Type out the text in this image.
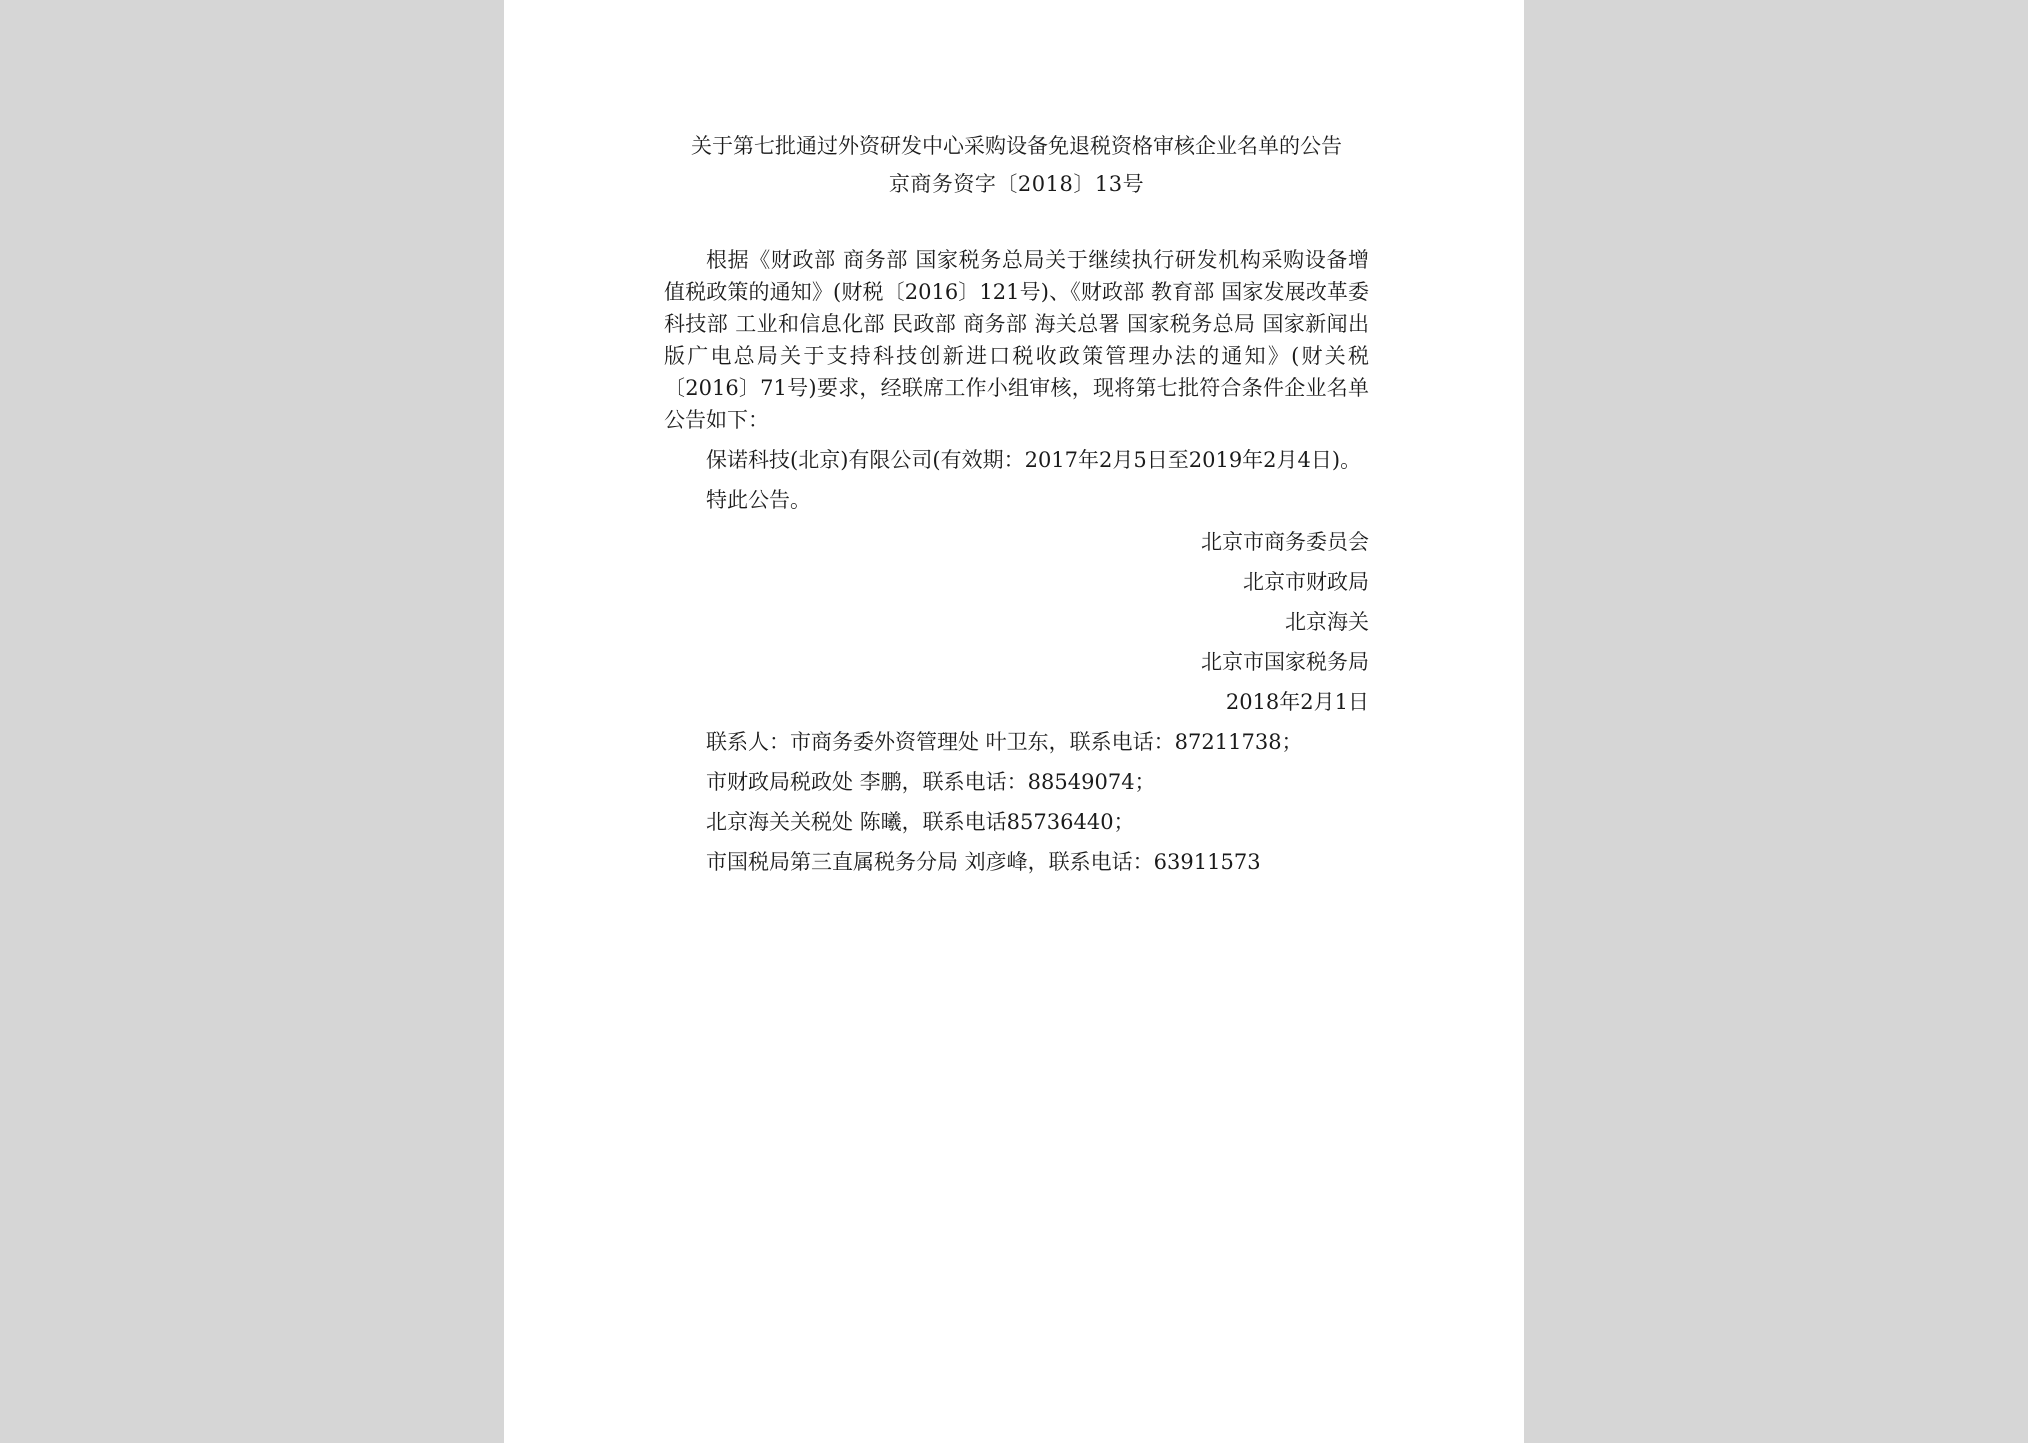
关于第七批通过外资研发中心采购设备免退税资格审核企业名单的公告
京商务资字〔2018〕13号

根据《财政部 商务部 国家税务总局关于继续执行研发机构采购设备增值税政策的通知》(财税〔2016〕121号)、《财政部 教育部 国家发展改革委 科技部 工业和信息化部 民政部 商务部 海关总署 国家税务总局 国家新闻出版广电总局关于支持科技创新进口税收政策管理办法的通知》(财关税〔2016〕71号)要求，经联席工作小组审核，现将第七批符合条件企业名单公告如下：

保诺科技(北京)有限公司(有效期：2017年2月5日至2019年2月4日)。

特此公告。

北京市商务委员会

北京市财政局

北京海关

北京市国家税务局

2018年2月1日

联系人：市商务委外资管理处 叶卫东，联系电话：87211738；

市财政局税政处 李鹏，联系电话：88549074；

北京海关关税处 陈曦，联系电话85736440；

市国税局第三直属税务分局 刘彦峰，联系电话：63911573
